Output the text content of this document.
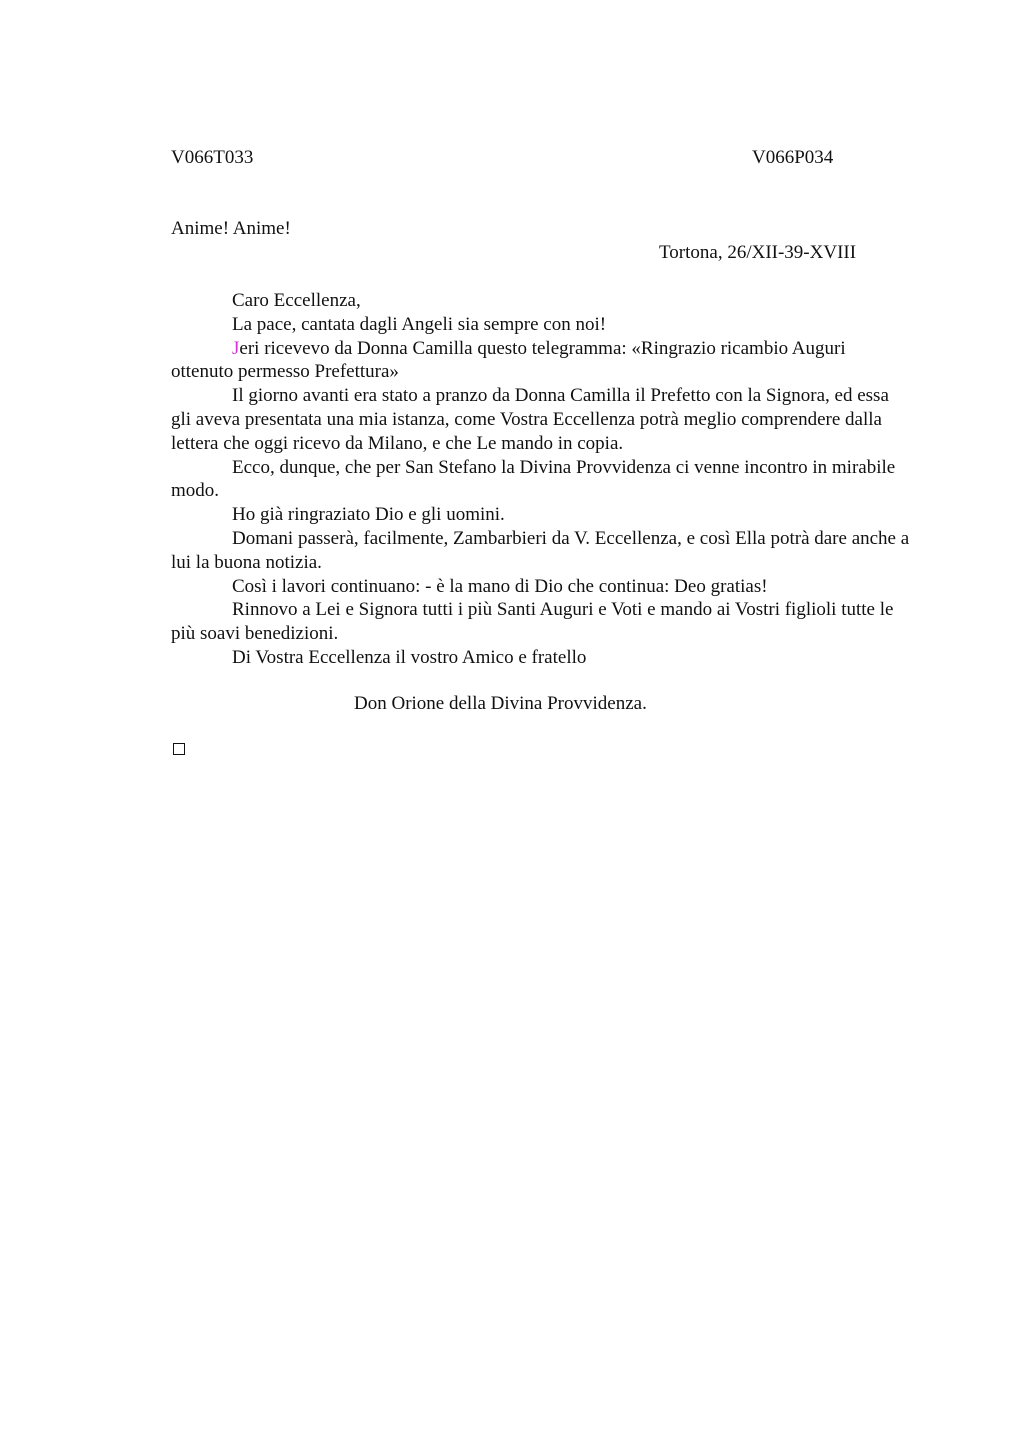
V066T033	V066P034
Anime! Anime!
Tortona, 26/XII-39-XVIII

Caro Eccellenza,

La pace, cantata dagli Angeli sia sempre con noi!

Jeri ricevevo da Donna Camilla questo telegramma: «Ringrazio ricambio Auguri ottenuto permesso Prefettura»

Il giorno avanti era stato a pranzo da Donna Camilla il Prefetto con la Signora, ed essa gli aveva presentata una mia istanza, come Vostra Eccellenza potrà meglio comprendere dalla lettera che oggi ricevo da Milano, e che Le mando in copia.

Ecco, dunque, che per San Stefano la Divina Provvidenza ci venne incontro in mirabile modo.

Ho già ringraziato Dio e gli uomini.

Domani passerà, facilmente, Zambarbieri da V. Eccellenza, e così Ella potrà dare anche a lui la buona notizia.

Così i lavori continuano: - è la mano di Dio che continua: Deo gratias!

Rinnovo a Lei e Signora tutti i più Santi Auguri e Voti e mando ai Vostri figlioli tutte le più soavi benedizioni.

Di Vostra Eccellenza il vostro Amico e fratello

Don Orione della Divina Provvidenza.
